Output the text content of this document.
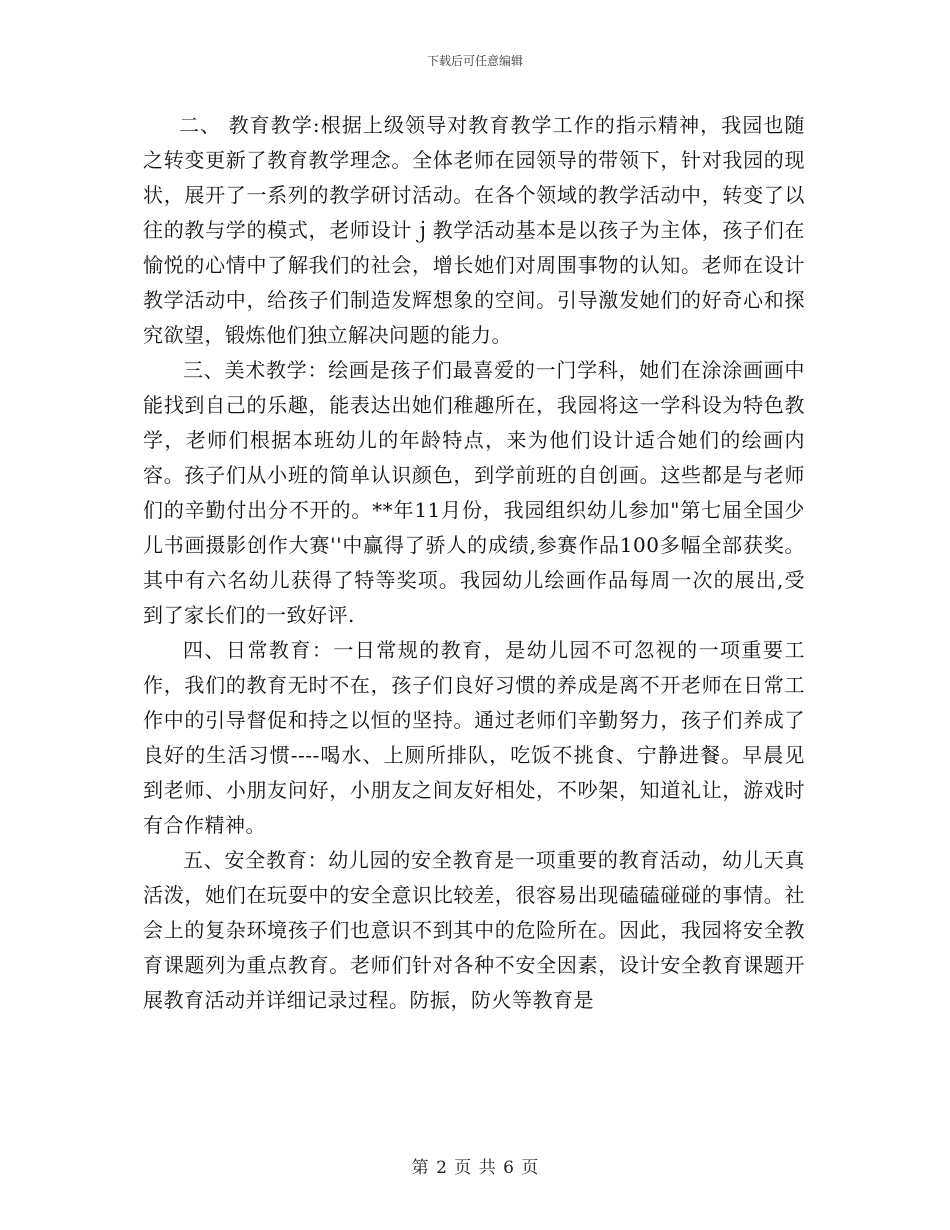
下载后可任意编辑

二、 教育教学:根据上级领导对教育教学工作的指示精神，我园也随之转变更新了教育教学理念。全体老师在园领导的带领下，针对我园的现状，展开了一系列的教学研讨活动。在各个领域的教学活动中，转变了以往的教与学的模式，老师设计ｊ教学活动基本是以孩子为主体，孩子们在愉悦的心情中了解我们的社会，增长她们对周围事物的认知。老师在设计教学活动中，给孩子们制造发辉想象的空间。引导激发她们的好奇心和探究欲望，锻炼他们独立解决问题的能力。

三、美术教学：绘画是孩子们最喜爱的一门学科，她们在涂涂画画中能找到自己的乐趣，能表达出她们稚趣所在，我园将这一学科设为特色教学，老师们根据本班幼儿的年龄特点，来为他们设计适合她们的绘画内容。孩子们从小班的简单认识颜色，到学前班的自创画。这些都是与老师们的辛勤付出分不开的。**年11月份，我园组织幼儿参加"第七届全国少儿书画摄影创作大赛''中赢得了骄人的成绩,参赛作品100多幅全部获奖。其中有六名幼儿获得了特等奖项。我园幼儿绘画作品每周一次的展出,受到了家长们的一致好评.

四、日常教育：一日常规的教育，是幼儿园不可忽视的一项重要工作，我们的教育无时不在，孩子们良好习惯的养成是离不开老师在日常工作中的引导督促和持之以恒的坚持。通过老师们辛勤努力，孩子们养成了良好的生活习惯----喝水、上厕所排队，吃饭不挑食、宁静进餐。早晨见到老师、小朋友问好，小朋友之间友好相处，不吵架，知道礼让，游戏时有合作精神。

五、安全教育：幼儿园的安全教育是一项重要的教育活动，幼儿天真活泼，她们在玩耍中的安全意识比较差，很容易出现磕磕碰碰的事情。社会上的复杂环境孩子们也意识不到其中的危险所在。因此，我园将安全教育课题列为重点教育。老师们针对各种不安全因素，设计安全教育课题开展教育活动并详细记录过程。防振，防火等教育是

第 2 页 共 6 页
